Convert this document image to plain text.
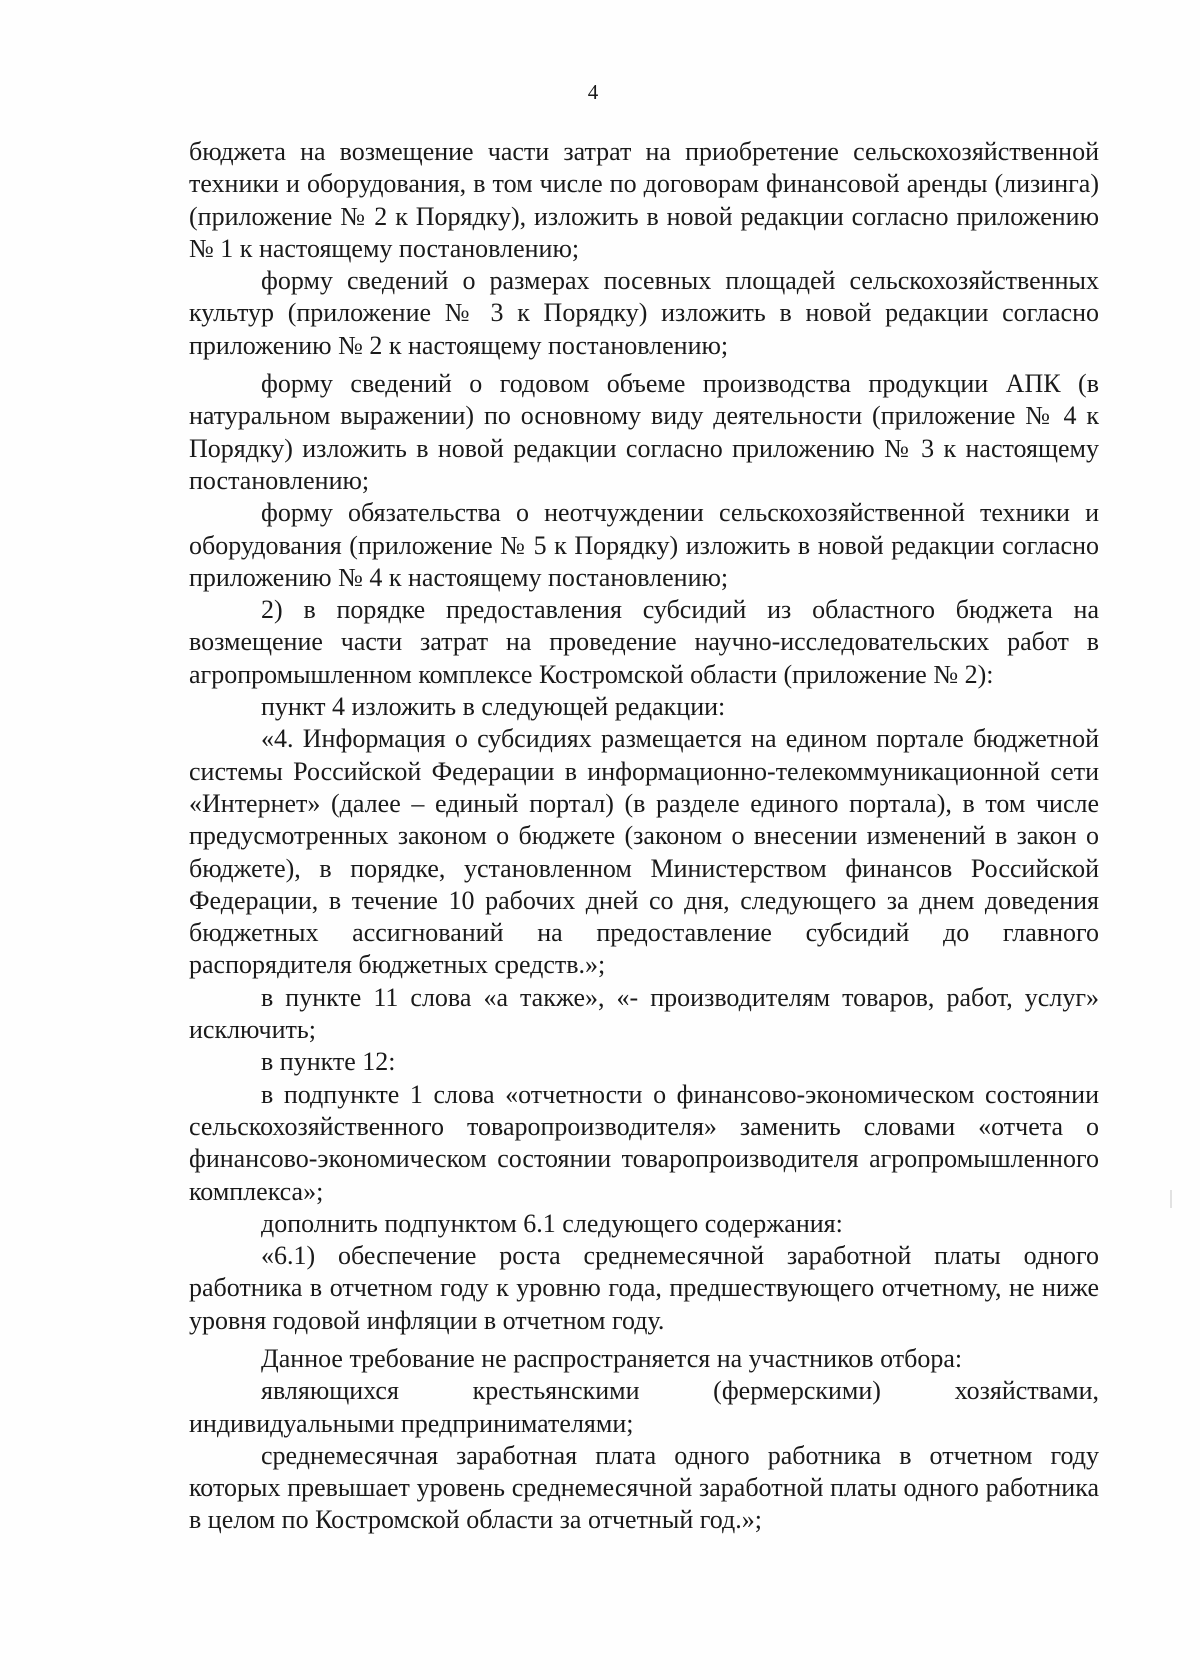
4

бюджета на возмещение части затрат на приобретение сельскохозяйственной техники и оборудования, в том числе по договорам финансовой аренды (лизинга) (приложение № 2 к Порядку), изложить в новой редакции согласно приложению № 1 к настоящему постановлению;

форму сведений о размерах посевных площадей сельскохозяйственных культур (приложение № 3 к Порядку) изложить в новой редакции согласно приложению № 2 к настоящему постановлению;

форму сведений о годовом объеме производства продукции АПК (в натуральном выражении) по основному виду деятельности (приложение № 4 к Порядку) изложить в новой редакции согласно приложению № 3 к настоящему постановлению;

форму обязательства о неотчуждении сельскохозяйственной техники и оборудования (приложение № 5 к Порядку) изложить в новой редакции согласно приложению № 4 к настоящему постановлению;

2) в порядке предоставления субсидий из областного бюджета на возмещение части затрат на проведение научно-исследовательских работ в агропромышленном комплексе Костромской области (приложение № 2):

пункт 4 изложить в следующей редакции:

«4. Информация о субсидиях размещается на едином портале бюджетной системы Российской Федерации в информационно-телекоммуникационной сети «Интернет» (далее – единый портал) (в разделе единого портала), в том числе предусмотренных законом о бюджете (законом о внесении изменений в закон о бюджете), в порядке, установленном Министерством финансов Российской Федерации, в течение 10 рабочих дней со дня, следующего за днем доведения бюджетных ассигнований на предоставление субсидий до главного распорядителя бюджетных средств.»;

в пункте 11 слова «а также», «- производителям товаров, работ, услуг» исключить;

в пункте 12:

в подпункте 1 слова «отчетности о финансово-экономическом состоянии сельскохозяйственного товаропроизводителя» заменить словами «отчета о финансово-экономическом состоянии товаропроизводителя агропромышленного комплекса»;

дополнить подпунктом 6.1 следующего содержания:

«6.1) обеспечение роста среднемесячной заработной платы одного работника в отчетном году к уровню года, предшествующего отчетному, не ниже уровня годовой инфляции в отчетном году.

Данное требование не распространяется на участников отбора:

являющихся крестьянскими (фермерскими) хозяйствами, индивидуальными предпринимателями;

среднемесячная заработная плата одного работника в отчетном году которых превышает уровень среднемесячной заработной платы одного работника в целом по Костромской области за отчетный год.»;
